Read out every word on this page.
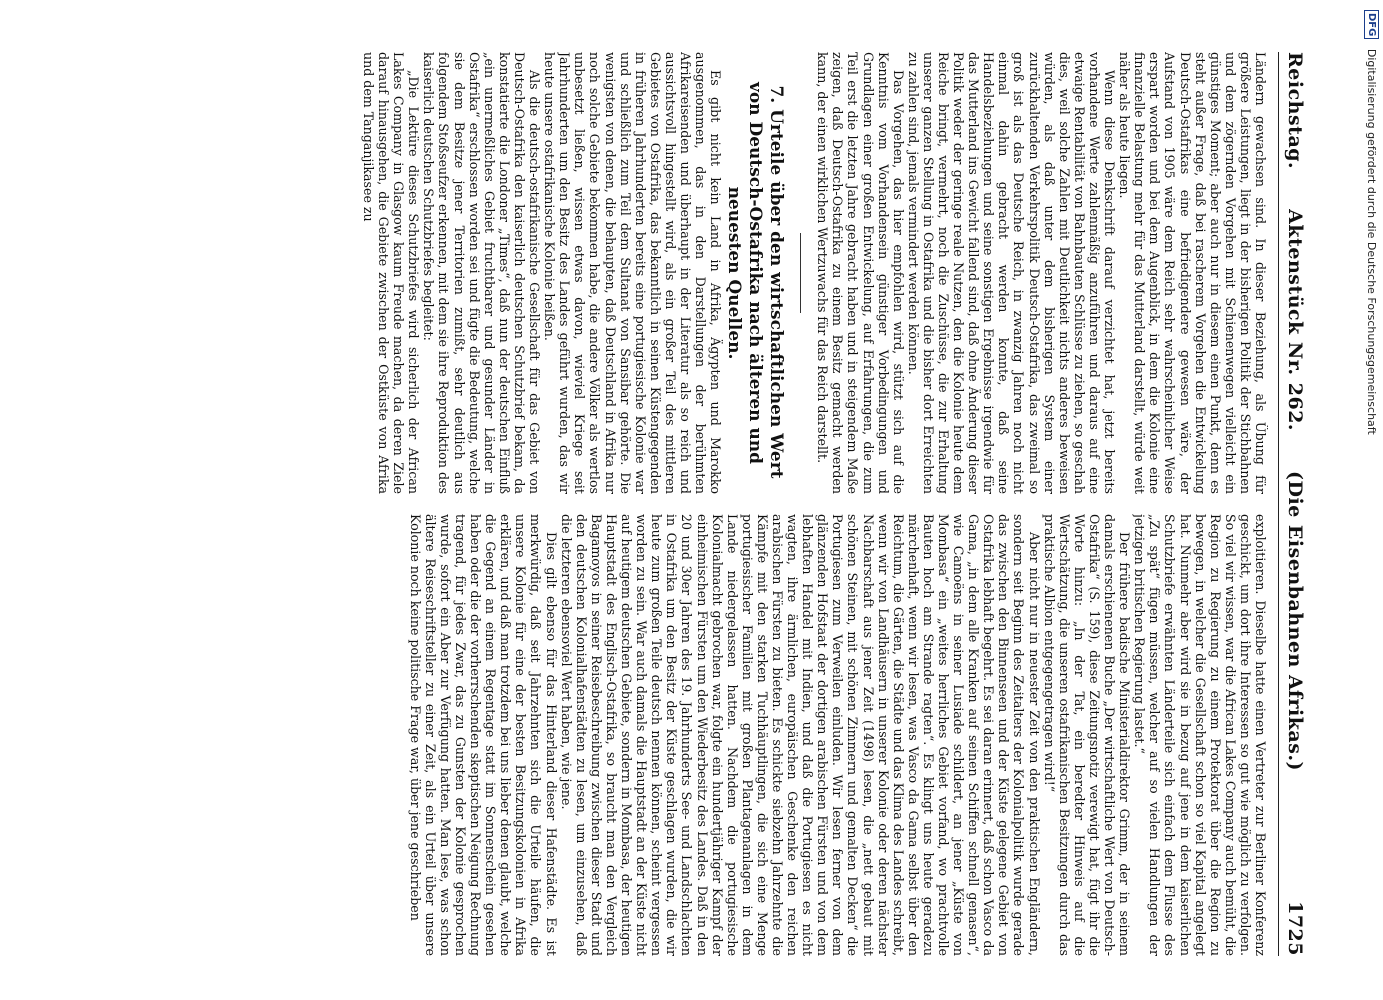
DFG Digitalisierung gefördert durch die Deutsche Forschungsgemeinschaft
Reichstag.
Aktenstück Nr. 262.
(Die Eisenbahnen Afrikas.)
1725

Ländern gewachsen sind. In dieser Beziehung, als Übung für größere Leistungen, liegt in der bisherigen Politik der Stichbahnen und dem zögernden Vorgehen mit Schienenwegen vielleicht ein günstiges Moment; aber auch nur in diesem einen Punkt, denn es steht außer Frage, daß bei rascherem Vorgehen die Entwickelung Deutsch-Ostafrikas eine befriedigendere gewesen wäre, der Aufstand von 1905 wäre dem Reich sehr wahrscheinlicher Weise erspart worden und bei dem Augenblick, in dem die Kolonie eine finanzielle Belastung mehr für das Mutterland darstellt, würde weit näher als heute liegen.

Wenn diese Denkschrift darauf verzichtet hat, jetzt bereits vorhandene Werte zahlenmäßig anzuführen und daraus auf eine etwaige Rentabilität von Bahnbauten Schlüsse zu ziehen, so geschah dies, weil solche Zahlen mit Deutlichkeit nichts anderes beweisen würden, als daß unter dem bisherigen System einer zurückhaltenden Verkehrspolitik Deutsch-Ostafrika, das zweimal so groß ist als das Deutsche Reich, in zwanzig Jahren noch nicht einmal dahin gebracht werden konnte, daß seine Handelsbeziehungen und seine sonstigen Ergebnisse irgendwie für das Mutterland ins Gewicht fallend sind, daß ohne Änderung dieser Politik weder der geringe reale Nutzen, den die Kolonie heute dem Reiche bringt, vermehrt, noch die Zuschüsse, die zur Erhaltung unserer ganzen Stellung in Ostafrika und die bisher dort Erreichten zu zahlen sind, jemals vermindert werden können.

Das Vorgehen, das hier empfohlen wird, stützt sich auf die Kenntnis vom Vorhandensein günstiger Vorbedingungen und Grundlagen einer großen Entwickelung, auf Erfahrungen, die zum Teil erst die letzten Jahre gebracht haben und in steigendem Maße zeigen, daß Deutsch-Ostafrika zu einem Besitz gemacht werden kann, der einen wirklichen Wertzuwachs für das Reich darstellt.

7. Urteile über den wirtschaftlichen Wert von Deutsch-Ostafrika nach älteren und neuesten Quellen.

Es gibt nicht kein Land in Afrika, Ägypten und Marokko ausgenommen, das in den Darstellungen der berühmten Afrikareisenden und überhaupt in der Literatur als so reich und aussichtsvoll hingestellt wird, als ein großer Teil des mittleren Gebietes von Ostafrika, das bekanntlich in seinen Küstengegenden in früheren Jahrhunderten bereits eine portugiesische Kolonie war und schließlich zum Teil dem Sultanat von Sansibar gehörte. Die wenigsten von denen, die behaupten, daß Deutschland in Afrika nur noch solche Gebiete bekommen habe, die andere Völker als wertlos unbesetzt ließen, wissen etwas davon, wieviel Kriege seit Jahrhunderten um den Besitz des Landes geführt wurden, das wir heute unsere ostafrikanische Kolonie heißen.

Als die deutsch-ostafrikanische Gesellschaft für das Gebiet von Deutsch-Ostafrika den kaiserlich deutschen Schutzbrief bekam, da konstatierte die Londoner „Times“, daß nun der deutschen Einfluß „ein unermeßliches Gebiet fruchtbarer und gesunder Länder in Ostafrika“ erschlossen worden sei und fügte die Bedeutung, welche sie dem Besitze jener Territorien zumißt, sehr deutlich aus folgendem Stoßseufzer erkennen, mit dem sie ihre Reproduktion des kaiserlich deutschen Schutzbriefes begleitet:

„Die Lektüre dieses Schutzbriefes wird sicherlich der African Lakes Company in Glasgow kaum Freude machen, da deren Ziele darauf hinausgehen, die Gebiete zwischen der Ostküste von Afrika und dem Tanganjikasee zu

exploitieren. Dieselbe hatte einen Vertreter zur Berliner Konferenz geschickt, um dort ihre Interessen so gut wie möglich zu verfolgen. So viel wir wissen, war die African Lakes Company auch bemüht, die Region zu Regierung zu einem Protektorat über die Region zu bewegen, in welcher die Gesellschaft schon so viel Kapital angelegt hat. Nunmehr aber wird sie in bezug auf jene in dem kaiserlichen Schutzbriefe erwähnten Länderteile sich einfach dem Flusse des „Zu spät“ fügen müssen, welcher auf so vielen Handlungen der jetzigen britischen Regierung lastet.“

Der frühere badische Ministerialdirektor Grimm, der in seinem damals erschienenen Buche „Der wirtschaftliche Wert von Deutsch-Ostafrika“ (S. 159), diese Zeitungsnotiz verewigt hat, fügt ihr die Worte hinzu: „In der Tat, ein beredter Hinweis auf die Wertschätzung, die unseren ostafrikanischen Besitzungen durch das praktische Albion entgegengetragen wird!“

Aber nicht nur in neuester Zeit von den praktischen Engländern, sondern seit Beginn des Zeitalters der Kolonialpolitik wurde gerade das zwischen den Binnenseen und der Küste gelegene Gebiet von Ostafrika lebhaft begehrt. Es sei daran erinnert, daß schon Vasco da Gama, „in dem alle Kranken auf seinen Schiffen schnell genasen“, wie Camoëns in seiner Lusiade schildert, an jener „Küste von Mombasa“ ein „weites herrliches Gebiet vorfand, wo prachtvolle Bauten hoch am Strande ragten“. Es klingt uns heute geradezu märchenhaft, wenn wir lesen, was Vasco da Gama selbst über den Reichtum, die Gärten, die Städte und das Klima des Landes schreibt, wenn wir von Landhäusern in unserer Kolonie oder deren nächster Nachbarschaft aus jener Zeit (1498) lesen, die „nett gebaut mit schönen Steinen, mit schönen Zimmern und gemalten Decken“ die Portugiesen zum Verweilen einluden. Wir lesen ferner von dem glänzenden Hofstaat der dortigen arabischen Fürsten und von dem lebhaften Handel mit Indien, und daß die Portugiesen es nicht wagten, ihre ärmlichen, europäischen Geschenke den reichen arabischen Fürsten zu bieten. Es schickte siebzehn Jahrzehnte die Kämpfe mit den starken Tuchhäuptlingen, die sich eine Menge portugiesischer Familien mit großen Plantagenanlagen in dem Lande niedergelassen hatten. Nachdem die portugiesische Kolonialmacht gebrochen war, folgte ein hundertjähriger Kampf der einheimischen Fürsten um den Wiederbesitz des Landes. Daß in den 20 und 30er Jahren des 19. Jahrhunderts See- und Landschlachten in Ostafrika um den Besitz der Küste geschlagen wurden, die wir heute zum großen Teile deutsch nennen können, scheint vergessen worden zu sein. War auch damals die Hauptstadt an der Küste nicht auf heutigem deutschen Gebiete, sondern in Mombasa, der heutigen Hauptstadt des Englisch-Ostafrika, so braucht man den Vergleich Bagamoyos in seiner Reisebeschreibung zwischen dieser Stadt und den deutschen Kolonialhafenstädten zu lesen, um einzusehen, daß die letzteren ebensoviel Wert haben, wie jene.

Dies gilt ebenso für das Hinterland dieser Hafenstädte. Es ist merkwürdig, daß seit Jahrzehnten sich die Urteile häufen, die unsere Kolonie für eine der besten Besitzungskolonien in Afrika erklären, und daß man trotzdem bei uns lieber denen glaubt, welche die Gegend an einem Regentage statt im Sonnenschein gesehen haben oder die der vorherrschenden skeptischen Neigung Rechnung tragend, für jedes Zwar, das zu Gunsten der Kolonie gesprochen wurde, sofort ein Aber zur Verfügung hatten. Man lese, was schon ältere Reiseschriftsteller zu einer Zeit, als ein Urteil über unsere Kolonie noch keine politische Frage war, über jene geschrieben
